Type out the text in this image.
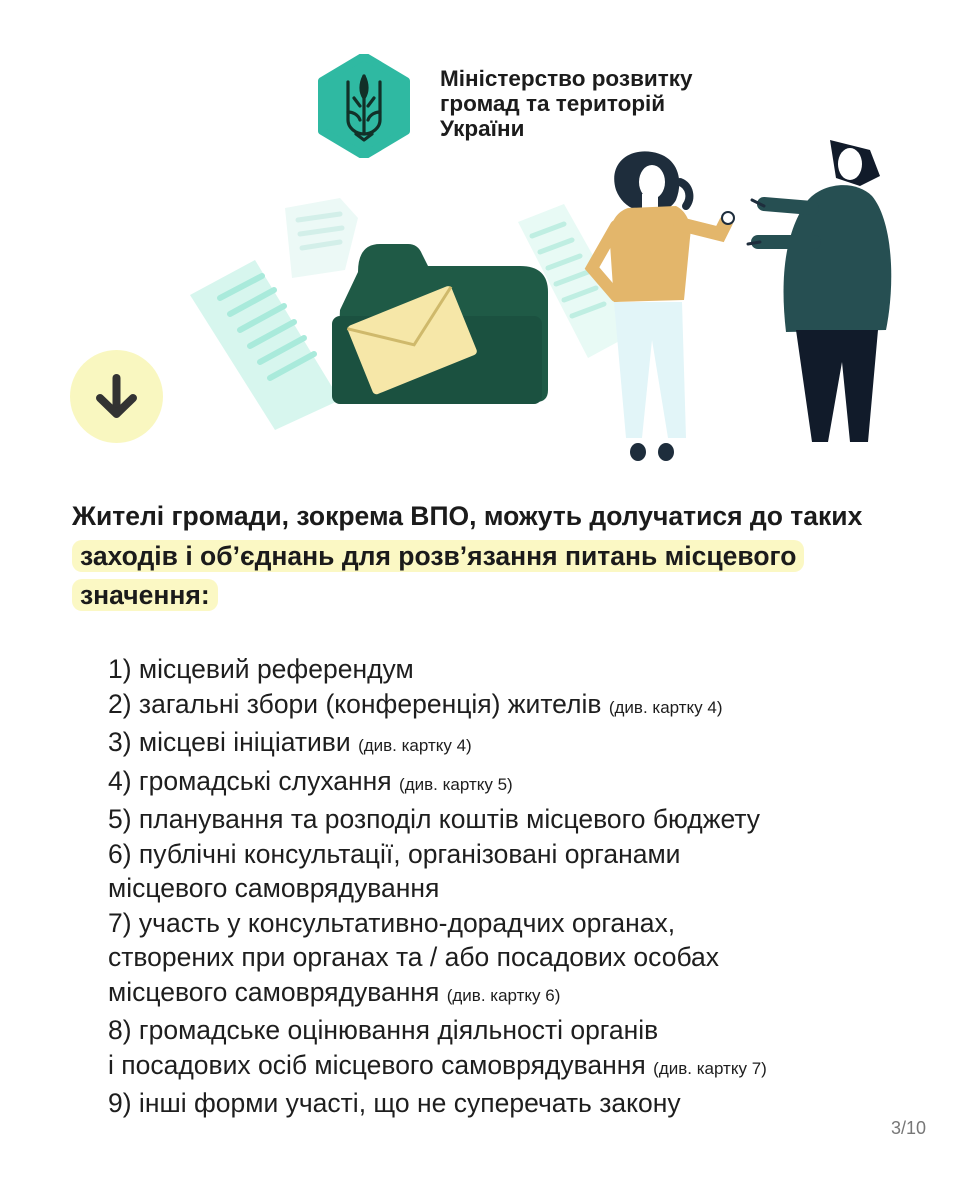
Міністерство розвитку
громад та територій
України
Жителі громади, зокрема ВПО, можуть долучатися до таких заходів і об’єднань для розв’язання питань місцевого значення:
1) місцевий референдум
2) загальні збори (конференція) жителів (див. картку 4)
3) місцеві ініціативи (див. картку 4)
4) громадські слухання (див. картку 5)
5) планування та розподіл коштів місцевого бюджету
6) публічні консультації, організовані органами
місцевого самоврядування
7) участь у консультативно-дорадчих органах,
створених при органах та / або посадових особах
місцевого самоврядування (див. картку 6)
8) громадське оцінювання діяльності органів
і посадових осіб місцевого самоврядування (див. картку 7)
9) інші форми участі, що не суперечать закону
3/10
